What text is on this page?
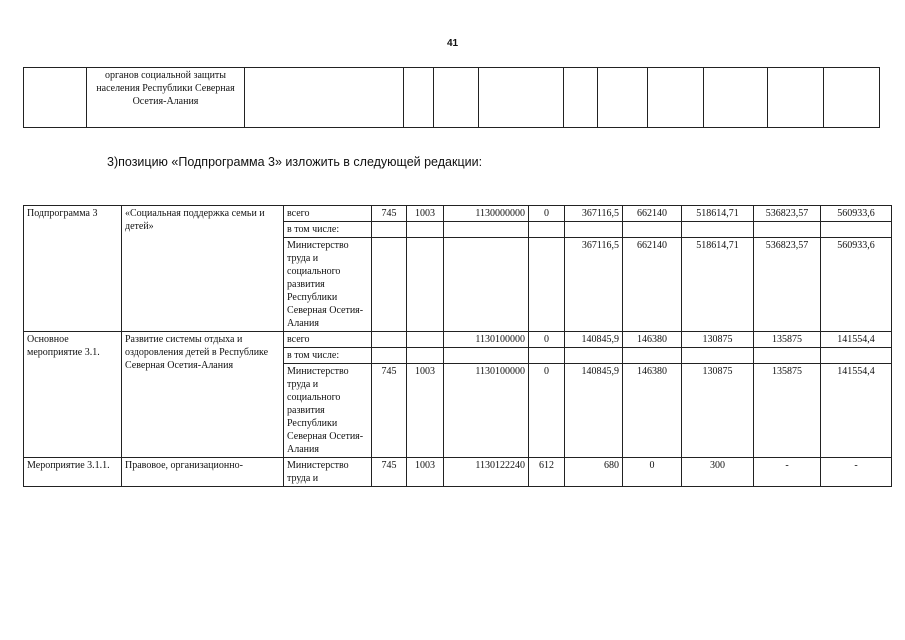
41
	органов социальной защиты населения Республики Северная Осетия-Алания										
3)позицию «Подпрограмма 3» изложить в следующей редакции:
Подпрограмма 3	«Социальная поддержка семьи и детей»	всего	745	1003	1130000000	0	367116,5	662140	518614,71	536823,57	560933,6
		в том числе:									
		Министерство труда и социального развития Республики Северная Осетия-Алания					367116,5	662140	518614,71	536823,57	560933,6
Основное мероприятие 3.1.	Развитие системы отдыха и оздоровления детей в Республике Северная Осетия-Алания	всего			1130100000	0	140845,9	146380	130875	135875	141554,4
		в том числе:									
		Министерство труда и социального развития Республики Северная Осетия-Алания	745	1003	1130100000	0	140845,9	146380	130875	135875	141554,4
Мероприятие 3.1.1.	Правовое, организационно-	Министерство труда и	745	1003	1130122240	612	680	0	300	-	-
